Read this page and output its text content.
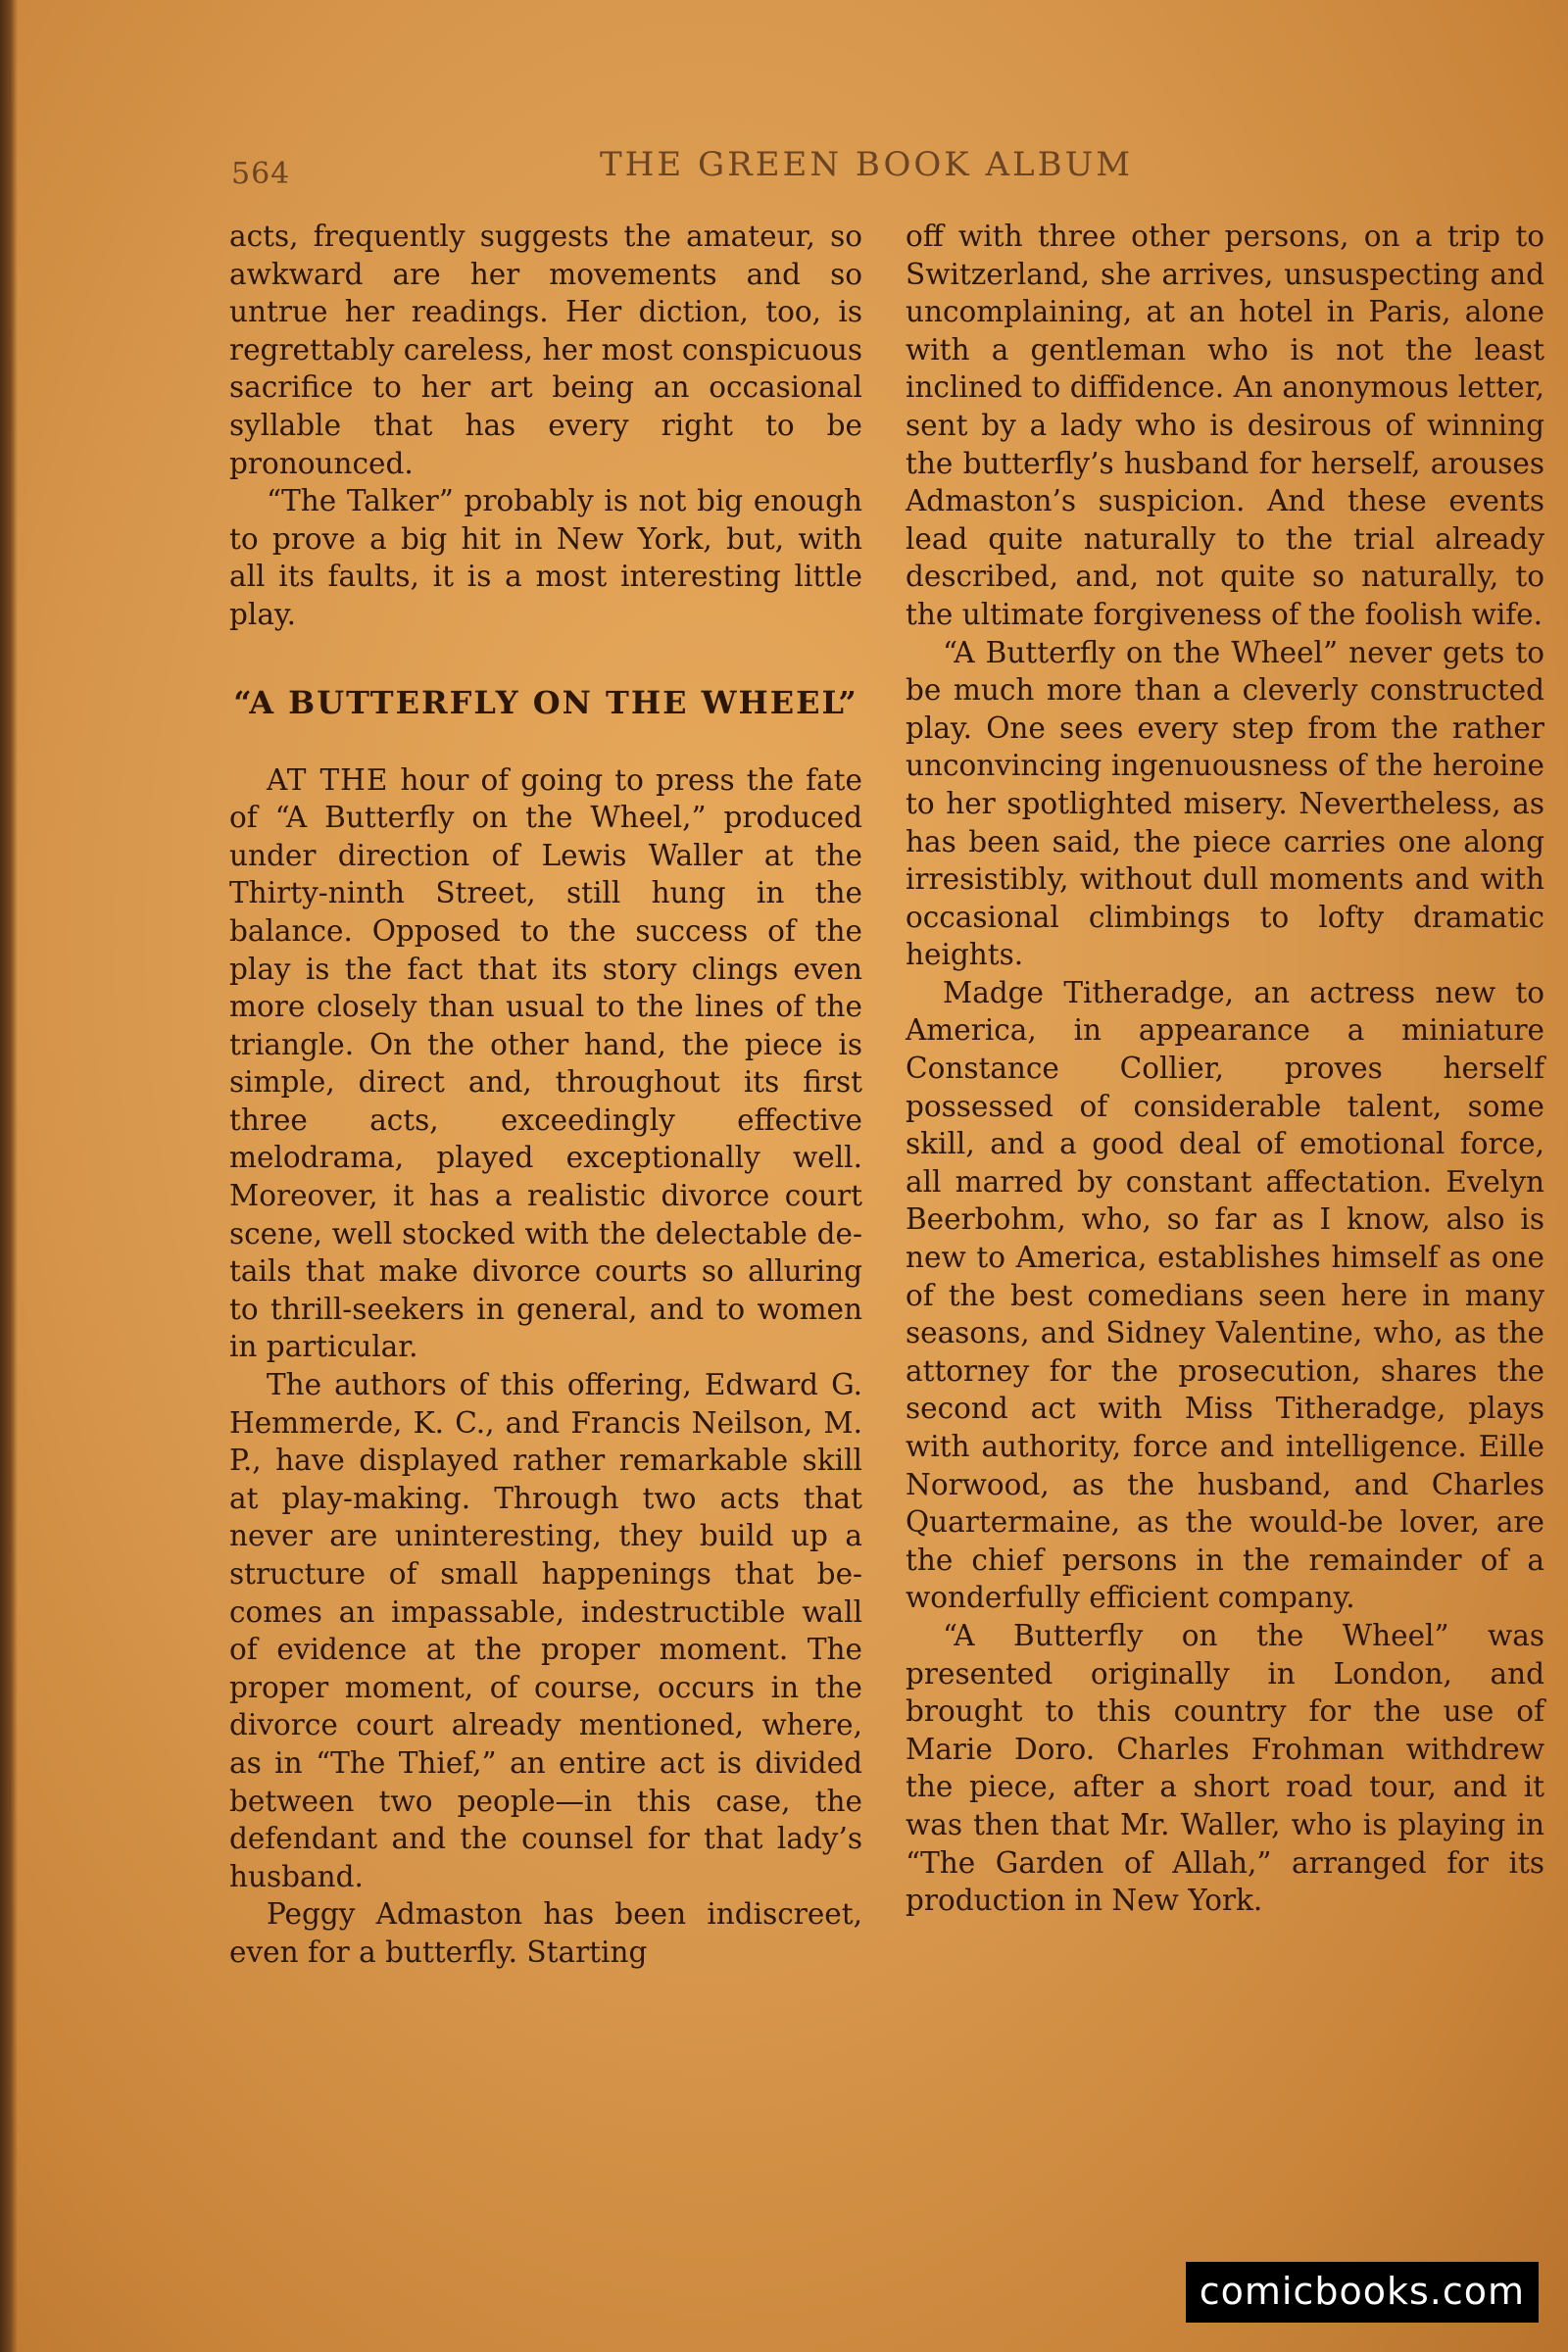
564	THE GREEN BOOK ALBUM

acts, frequently suggests the amateur, so awkward are her movements and so untrue her readings. Her diction, too, is regrettably careless, her most conspicuous sacrifice to her art being an occasional syllable that has every right to be pronounced.

“The Talker” probably is not big enough to prove a big hit in New York, but, with all its faults, it is a most interesting little play.

“A BUTTERFLY ON THE WHEEL”

AT THE hour of going to press the fate of “A Butterfly on the Wheel,” produced under direction of Lewis Waller at the Thirty-ninth Street, still hung in the balance. Opposed to the success of the play is the fact that its story clings even more closely than usual to the lines of the triangle. On the other hand, the piece is simple, direct and, throughout its first three acts, exceedingly effective melodrama, played exceptionally well. Moreover, it has a realistic divorce court scene, well stocked with the delectable details that make divorce courts so alluring to thrill-seekers in general, and to women in particular.

The authors of this offering, Edward G. Hemmerde, K. C., and Francis Neilson, M. P., have displayed rather remarkable skill at play-making. Through two acts that never are uninteresting, they build up a structure of small happenings that becomes an impassable, indestructible wall of evidence at the proper moment. The proper moment, of course, occurs in the divorce court already mentioned, where, as in “The Thief,” an entire act is divided between two people—in this case, the defendant and the counsel for that lady’s husband.

Peggy Admaston has been indiscreet, even for a butterfly. Starting

off with three other persons, on a trip to Switzerland, she arrives, unsuspecting and uncomplaining, at an hotel in Paris, alone with a gentleman who is not the least inclined to diffidence. An anonymous letter, sent by a lady who is desirous of winning the butterfly’s husband for herself, arouses Admaston’s suspicion. And these events lead quite naturally to the trial already described, and, not quite so naturally, to the ultimate forgiveness of the foolish wife.

“A Butterfly on the Wheel” never gets to be much more than a cleverly constructed play. One sees every step from the rather unconvincing ingenuousness of the heroine to her spotlighted misery. Nevertheless, as has been said, the piece carries one along irresistibly, without dull moments and with occasional climbings to lofty dramatic heights.

Madge Titheradge, an actress new to America, in appearance a miniature Constance Collier, proves herself possessed of considerable talent, some skill, and a good deal of emotional force, all marred by constant affectation. Evelyn Beerbohm, who, so far as I know, also is new to America, establishes himself as one of the best comedians seen here in many seasons, and Sidney Valentine, who, as the attorney for the prosecution, shares the second act with Miss Titheradge, plays with authority, force and intelligence. Eille Norwood, as the husband, and Charles Quartermaine, as the would-be lover, are the chief persons in the remainder of a wonderfully efficient company.

“A Butterfly on the Wheel” was presented originally in London, and brought to this country for the use of Marie Doro. Charles Frohman withdrew the piece, after a short road tour, and it was then that Mr. Waller, who is playing in “The Garden of Allah,” arranged for its production in New York.

comicbooks.com
